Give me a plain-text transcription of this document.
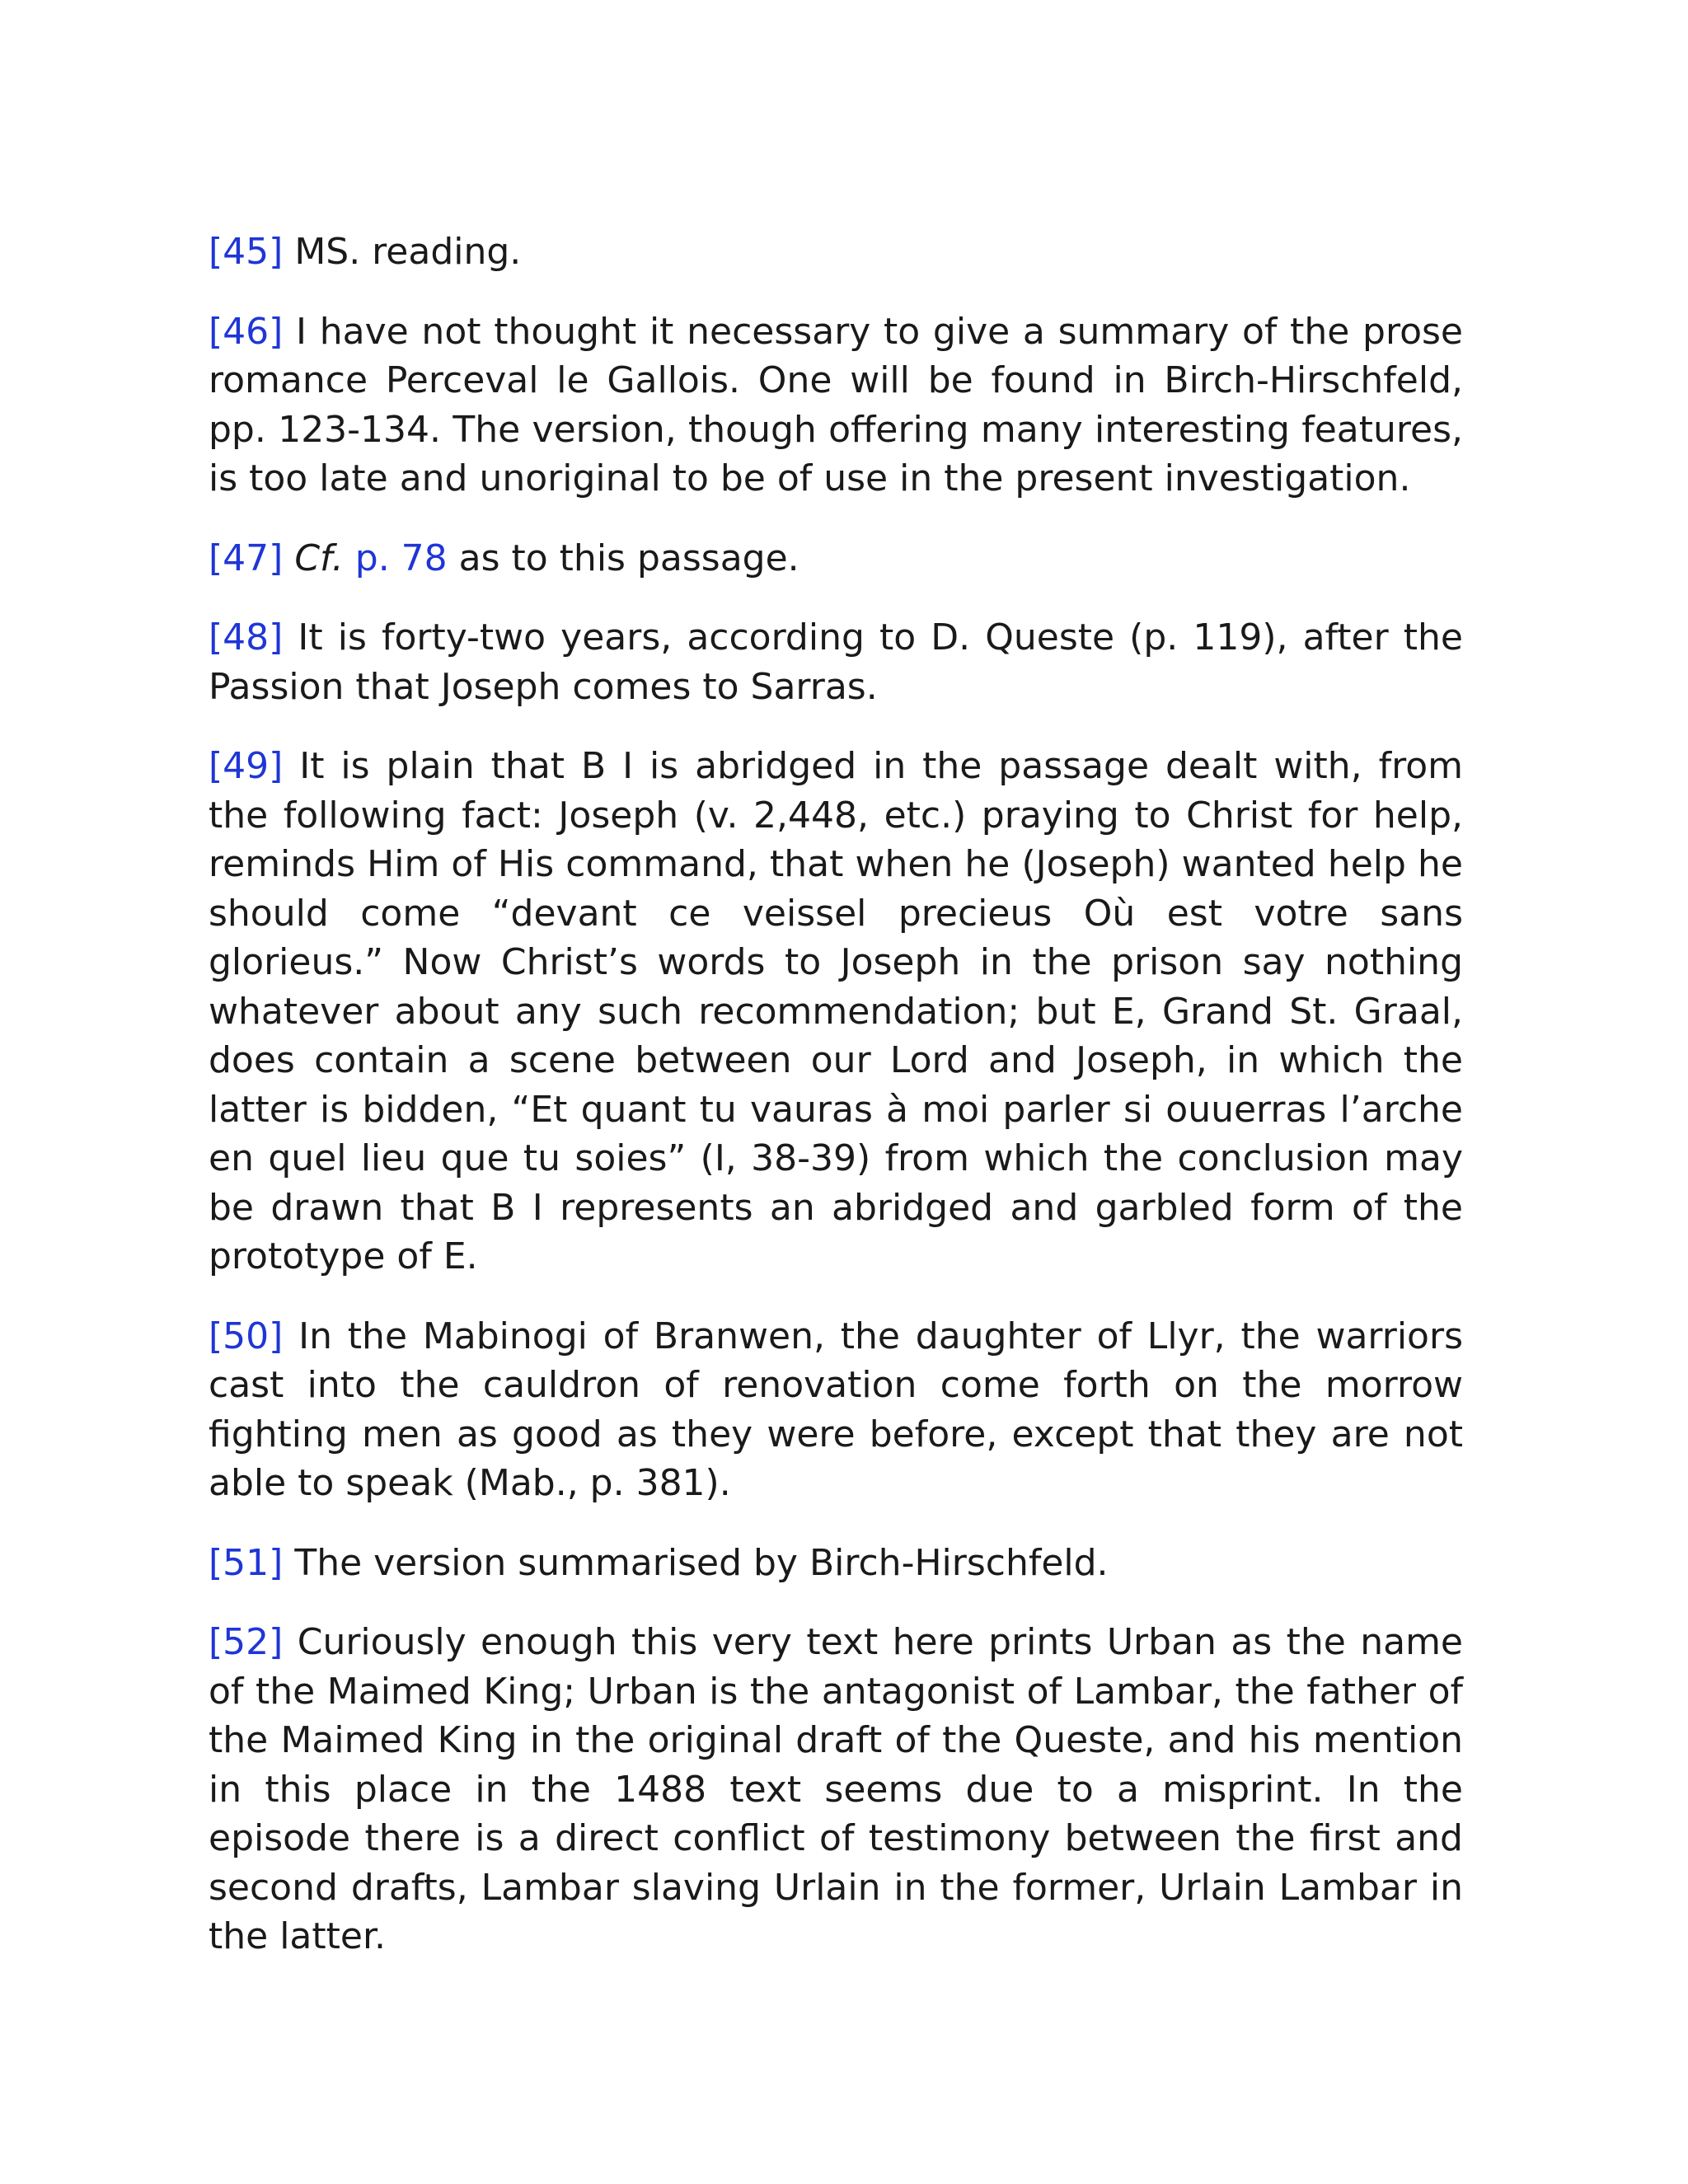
[45] MS. reading.

[46] I have not thought it necessary to give a summary of the prose romance Perceval le Gallois. One will be found in Birch-Hirschfeld, pp. 123-134. The version, though offering many interesting features, is too late and unoriginal to be of use in the present investigation.

[47] Cf. p. 78 as to this passage.

[48] It is forty-two years, according to D. Queste (p. 119), after the Passion that Joseph comes to Sarras.

[49] It is plain that B I is abridged in the passage dealt with, from the following fact: Joseph (v. 2,448, etc.) praying to Christ for help, reminds Him of His command, that when he (Joseph) wanted help he should come “devant ce veissel precieus Où est votre sans glorieus.” Now Christ’s words to Joseph in the prison say nothing whatever about any such recommendation; but E, Grand St. Graal, does contain a scene between our Lord and Joseph, in which the latter is bidden, “Et quant tu vauras à moi parler si ouuerras l’arche en quel lieu que tu soies” (I, 38-39) from which the conclusion may be drawn that B I represents an abridged and garbled form of the prototype of E.

[50] In the Mabinogi of Branwen, the daughter of Llyr, the warriors cast into the cauldron of renovation come forth on the morrow fighting men as good as they were before, except that they are not able to speak (Mab., p. 381).

[51] The version summarised by Birch-Hirschfeld.

[52] Curiously enough this very text here prints Urban as the name of the Maimed King; Urban is the antagonist of Lambar, the father of the Maimed King in the original draft of the Queste, and his mention in this place in the 1488 text seems due to a misprint. In the episode there is a direct conflict of testimony between the first and second drafts, Lambar slaving Urlain in the former, Urlain Lambar in the latter.
